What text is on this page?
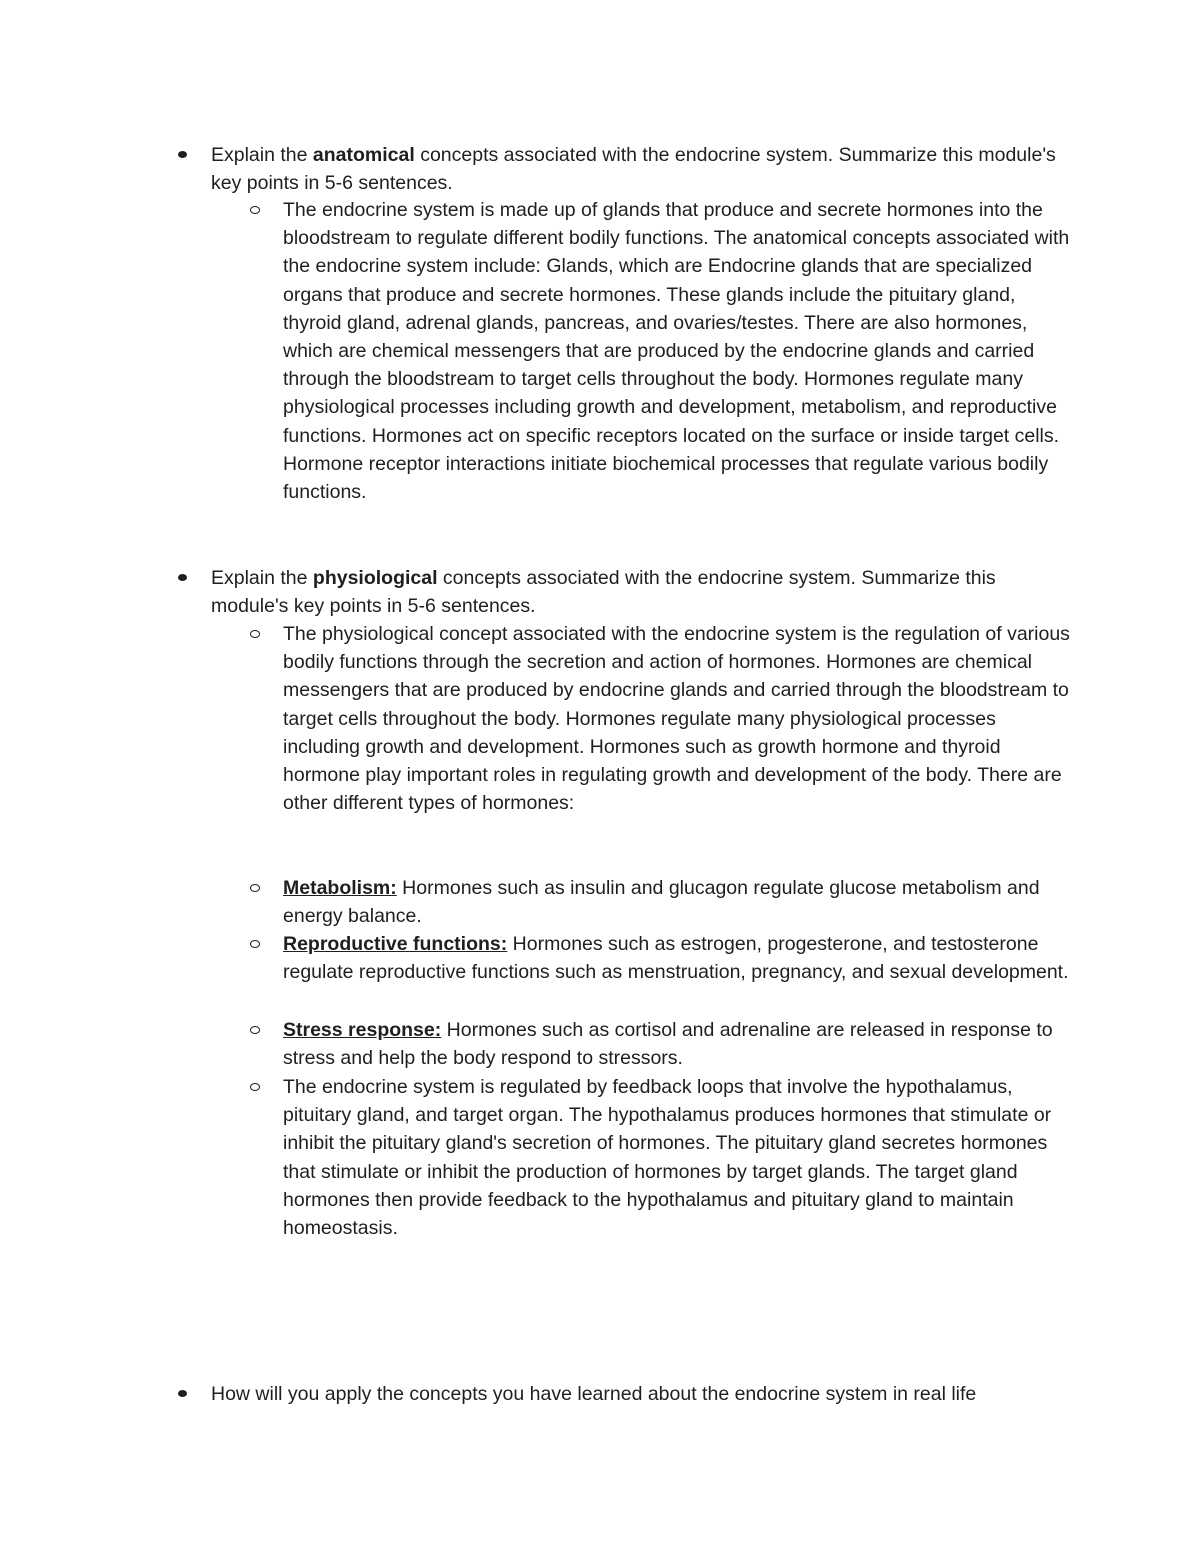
Explain the anatomical concepts associated with the endocrine system. Summarize this module's key points in 5-6 sentences.

The endocrine system is made up of glands that produce and secrete hormones into the bloodstream to regulate different bodily functions. The anatomical concepts associated with the endocrine system include: Glands, which are Endocrine glands that are specialized organs that produce and secrete hormones. These glands include the pituitary gland, thyroid gland, adrenal glands, pancreas, and ovaries/testes. There are also hormones, which are chemical messengers that are produced by the endocrine glands and carried through the bloodstream to target cells throughout the body. Hormones regulate many physiological processes including growth and development, metabolism, and reproductive functions. Hormones act on specific receptors located on the surface or inside target cells. Hormone receptor interactions initiate biochemical processes that regulate various bodily functions.

Explain the physiological concepts associated with the endocrine system. Summarize this module's key points in 5-6 sentences.

The physiological concept associated with the endocrine system is the regulation of various bodily functions through the secretion and action of hormones. Hormones are chemical messengers that are produced by endocrine glands and carried through the bloodstream to target cells throughout the body. Hormones regulate many physiological processes including growth and development. Hormones such as growth hormone and thyroid hormone play important roles in regulating growth and development of the body. There are other different types of hormones:

Metabolism: Hormones such as insulin and glucagon regulate glucose metabolism and energy balance.

Reproductive functions: Hormones such as estrogen, progesterone, and testosterone regulate reproductive functions such as menstruation, pregnancy, and sexual development.

Stress response: Hormones such as cortisol and adrenaline are released in response to stress and help the body respond to stressors.

The endocrine system is regulated by feedback loops that involve the hypothalamus, pituitary gland, and target organ. The hypothalamus produces hormones that stimulate or inhibit the pituitary gland's secretion of hormones. The pituitary gland secretes hormones that stimulate or inhibit the production of hormones by target glands. The target gland hormones then provide feedback to the hypothalamus and pituitary gland to maintain homeostasis.

How will you apply the concepts you have learned about the endocrine system in real life
